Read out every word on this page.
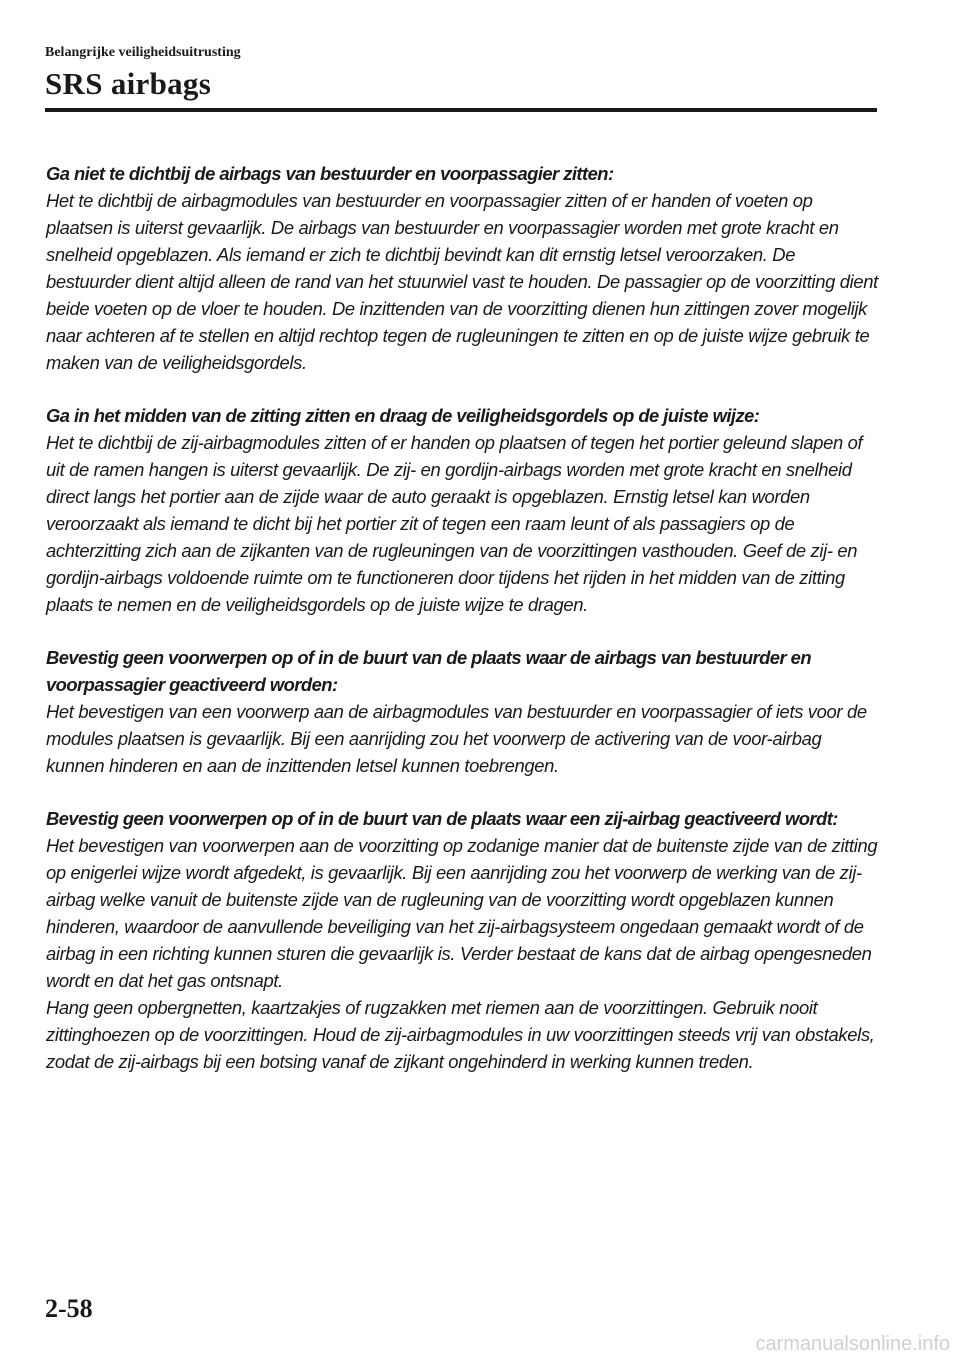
Belangrijke veiligheidsuitrusting
SRS airbags

Ga niet te dichtbij de airbags van bestuurder en voorpassagier zitten:

Het te dichtbij de airbagmodules van bestuurder en voorpassagier zitten of er handen of voeten op plaatsen is uiterst gevaarlijk. De airbags van bestuurder en voorpassagier worden met grote kracht en snelheid opgeblazen. Als iemand er zich te dichtbij bevindt kan dit ernstig letsel veroorzaken. De bestuurder dient altijd alleen de rand van het stuurwiel vast te houden. De passagier op de voorzitting dient beide voeten op de vloer te houden. De inzittenden van de voorzitting dienen hun zittingen zover mogelijk naar achteren af te stellen en altijd rechtop tegen de rugleuningen te zitten en op de juiste wijze gebruik te maken van de veiligheidsgordels.

Ga in het midden van de zitting zitten en draag de veiligheidsgordels op de juiste wijze:

Het te dichtbij de zij-airbagmodules zitten of er handen op plaatsen of tegen het portier geleund slapen of uit de ramen hangen is uiterst gevaarlijk. De zij- en gordijn-airbags worden met grote kracht en snelheid direct langs het portier aan de zijde waar de auto geraakt is opgeblazen. Ernstig letsel kan worden veroorzaakt als iemand te dicht bij het portier zit of tegen een raam leunt of als passagiers op de achterzitting zich aan de zijkanten van de rugleuningen van de voorzittingen vasthouden. Geef de zij- en gordijn-airbags voldoende ruimte om te functioneren door tijdens het rijden in het midden van de zitting plaats te nemen en de veiligheidsgordels op de juiste wijze te dragen.

Bevestig geen voorwerpen op of in de buurt van de plaats waar de airbags van bestuurder en voorpassagier geactiveerd worden:

Het bevestigen van een voorwerp aan de airbagmodules van bestuurder en voorpassagier of iets voor de modules plaatsen is gevaarlijk. Bij een aanrijding zou het voorwerp de activering van de voor-airbag kunnen hinderen en aan de inzittenden letsel kunnen toebrengen.

Bevestig geen voorwerpen op of in de buurt van de plaats waar een zij-airbag geactiveerd wordt:

Het bevestigen van voorwerpen aan de voorzitting op zodanige manier dat de buitenste zijde van de zitting op enigerlei wijze wordt afgedekt, is gevaarlijk. Bij een aanrijding zou het voorwerp de werking van de zij-airbag welke vanuit de buitenste zijde van de rugleuning van de voorzitting wordt opgeblazen kunnen hinderen, waardoor de aanvullende beveiliging van het zij-airbagsysteem ongedaan gemaakt wordt of de airbag in een richting kunnen sturen die gevaarlijk is. Verder bestaat de kans dat de airbag opengesneden wordt en dat het gas ontsnapt.

Hang geen opbergnetten, kaartzakjes of rugzakken met riemen aan de voorzittingen. Gebruik nooit zittinghoezen op de voorzittingen. Houd de zij-airbagmodules in uw voorzittingen steeds vrij van obstakels, zodat de zij-airbags bij een botsing vanaf de zijkant ongehinderd in werking kunnen treden.

2-58
carmanualsonline.info
